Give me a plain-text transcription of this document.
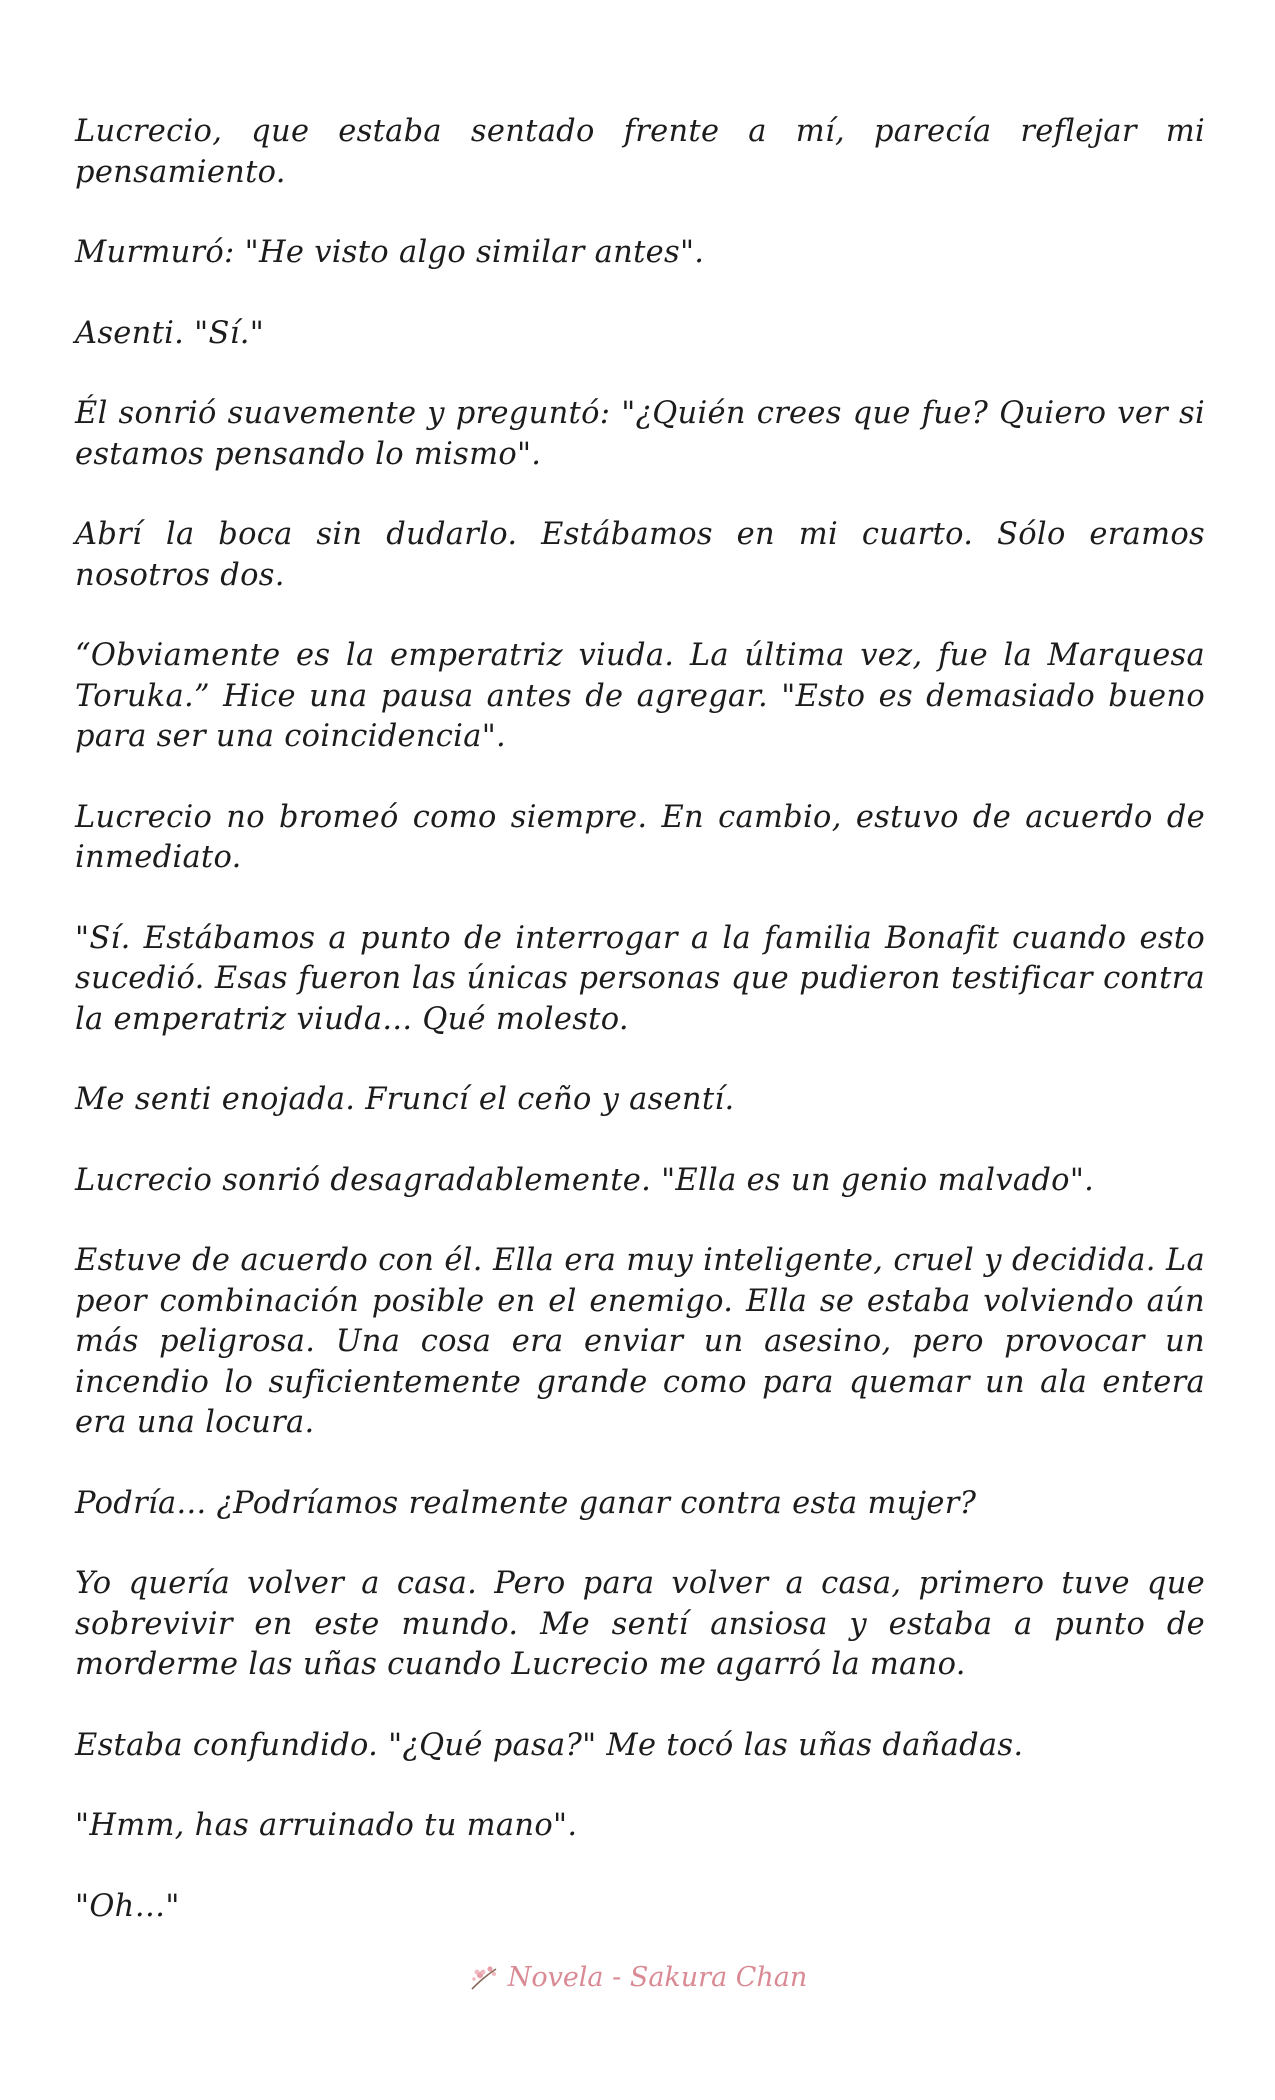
Lucrecio, que estaba sentado frente a mí, parecía reflejar mi pensamiento.

Murmuró: "He visto algo similar antes".

Asenti. "Sí."

Él sonrió suavemente y preguntó: "¿Quién crees que fue? Quiero ver si estamos pensando lo mismo".

Abrí la boca sin dudarlo. Estábamos en mi cuarto. Sólo eramos nosotros dos.

“Obviamente es la emperatriz viuda. La última vez, fue la Marquesa Toruka.” Hice una pausa antes de agregar. "Esto es demasiado bueno para ser una coincidencia".

Lucrecio no bromeó como siempre. En cambio, estuvo de acuerdo de inmediato.

"Sí. Estábamos a punto de interrogar a la familia Bonafit cuando esto sucedió. Esas fueron las únicas personas que pudieron testificar contra la emperatriz viuda... Qué molesto.

Me senti enojada. Fruncí el ceño y asentí.

Lucrecio sonrió desagradablemente. "Ella es un genio malvado".

Estuve de acuerdo con él. Ella era muy inteligente, cruel y decidida. La peor combinación posible en el enemigo. Ella se estaba volviendo aún más peligrosa. Una cosa era enviar un asesino, pero provocar un incendio lo suficientemente grande como para quemar un ala entera era una locura.

Podría... ¿Podríamos realmente ganar contra esta mujer?

Yo quería volver a casa. Pero para volver a casa, primero tuve que sobrevivir en este mundo. Me sentí ansiosa y estaba a punto de morderme las uñas cuando Lucrecio me agarró la mano.

Estaba confundido. "¿Qué pasa?" Me tocó las uñas dañadas.

"Hmm, has arruinado tu mano".

"Oh…"

Novela - Sakura Chan
